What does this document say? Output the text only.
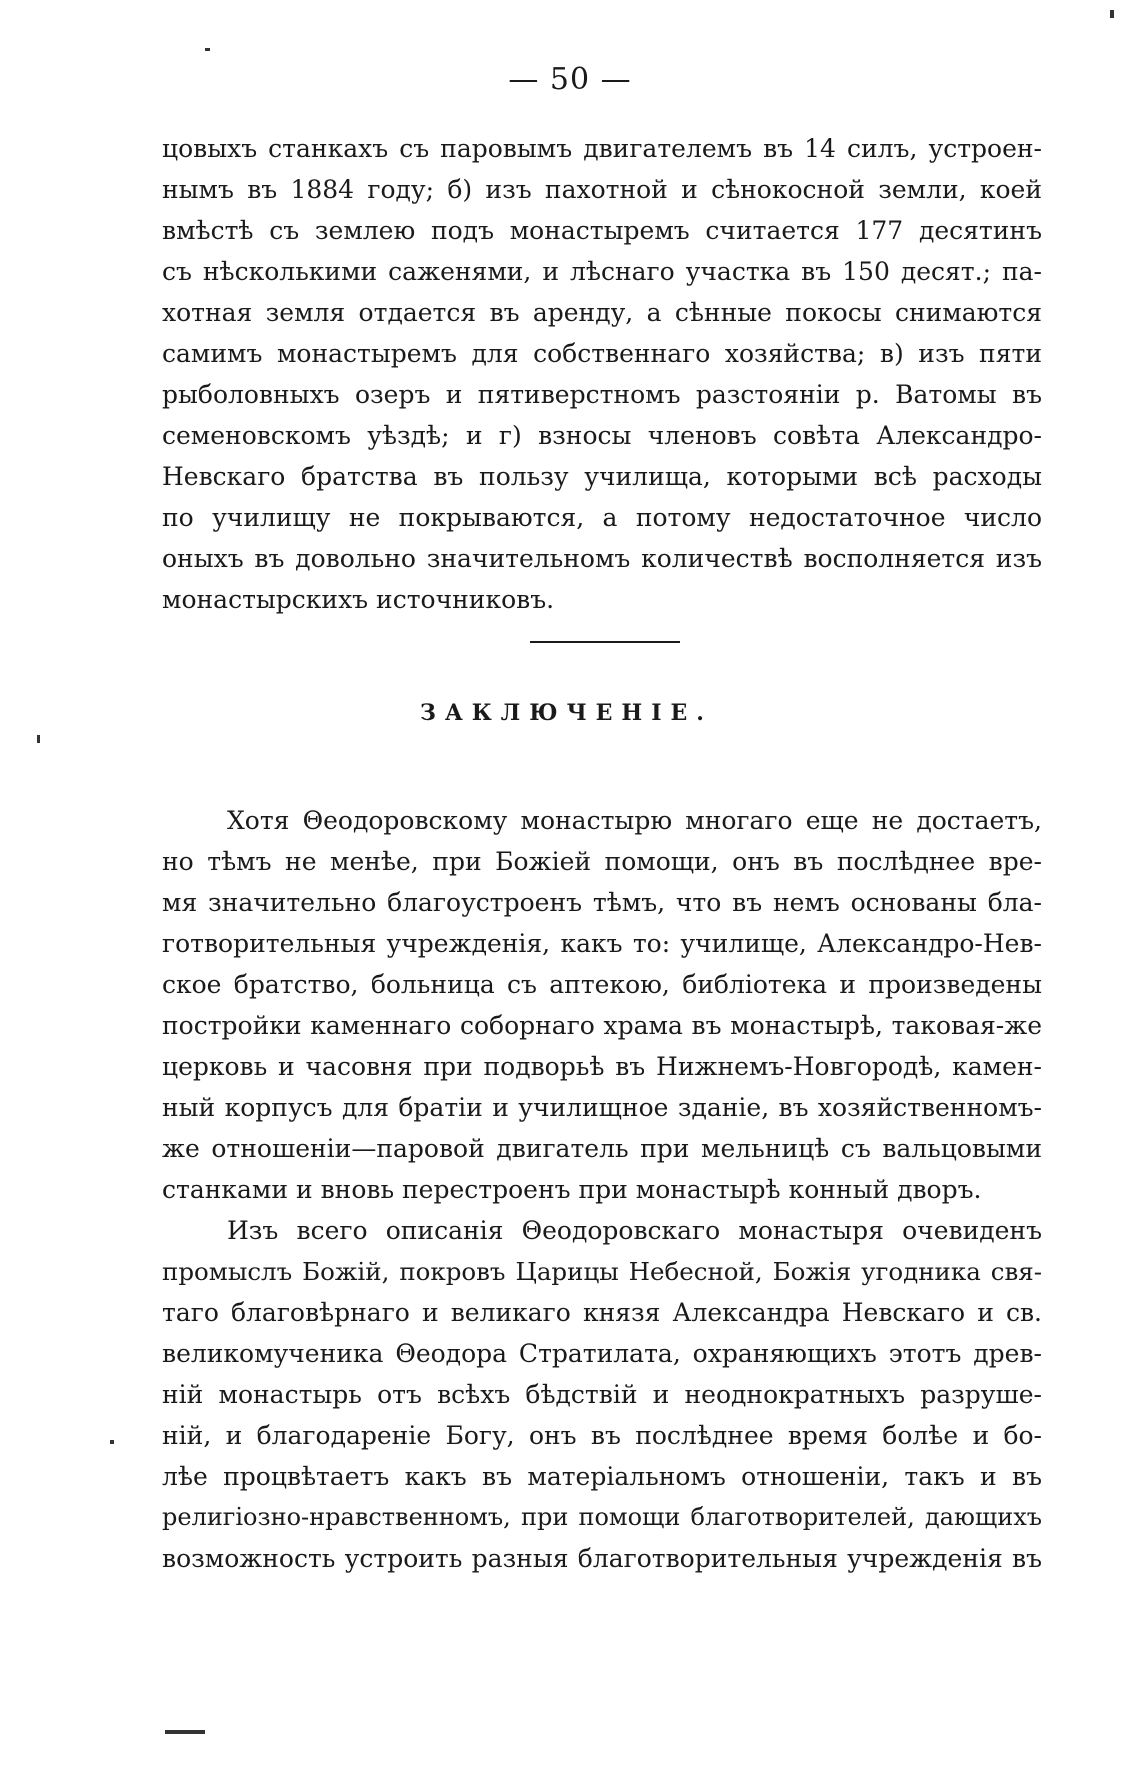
— 50 —
цовыхъ станкахъ съ паровымъ двигателемъ въ 14 силъ, устроен-
нымъ въ 1884 году; б) изъ пахотной и сѣнокосной земли, коей
вмѣстѣ съ землею подъ монастыремъ считается 177 десятинъ
съ нѣсколькими саженями, и лѣснаго участка въ 150 десят.; па-
хотная земля отдается въ аренду, а сѣнные покосы снимаются
самимъ монастыремъ для собственнаго хозяйства; в) изъ пяти
рыболовныхъ озеръ и пятиверстномъ разстояніи р. Ватомы въ
семеновскомъ уѣздѣ; и г) взносы членовъ совѣта Александро-
Невскаго братства въ пользу училища, которыми всѣ расходы
по училищу не покрываются, а потому недостаточное число
оныхъ въ довольно значительномъ количествѣ восполняется изъ
монастырскихъ источниковъ.
ЗАКЛЮЧЕНІЕ.
Хотя Θеодоровскому монастырю многаго еще не достаетъ,
но тѣмъ не менѣе, при Божіей помощи, онъ въ послѣднее вре-
мя значительно благоустроенъ тѣмъ, что въ немъ основаны бла-
готворительныя учрежденія, какъ то: училище, Александро-Нев-
ское братство, больница съ аптекою, библіотека и произведены
постройки каменнаго соборнаго храма въ монастырѣ, таковая-же
церковь и часовня при подворьѣ въ Нижнемъ-Новгородѣ, камен-
ный корпусъ для братіи и училищное зданіе, въ хозяйственномъ-
же отношеніи—паровой двигатель при мельницѣ съ вальцовыми
станками и вновь перестроенъ при монастырѣ конный дворъ.
Изъ всего описанія Θеодоровскаго монастыря очевиденъ
промыслъ Божій, покровъ Царицы Небесной, Божія угодника свя-
таго благовѣрнаго и великаго князя Александра Невскаго и св.
великомученика Θеодора Стратилата, охраняющихъ этотъ древ-
ній монастырь отъ всѣхъ бѣдствій и неоднократныхъ разруше-
ній, и благодареніе Богу, онъ въ послѣднее время болѣе и бо-
лѣе процвѣтаетъ какъ въ матеріальномъ отношеніи, такъ и въ
религіозно-нравственномъ, при помощи благотворителей, дающихъ
возможность устроить разныя благотворительныя учрежденія въ
